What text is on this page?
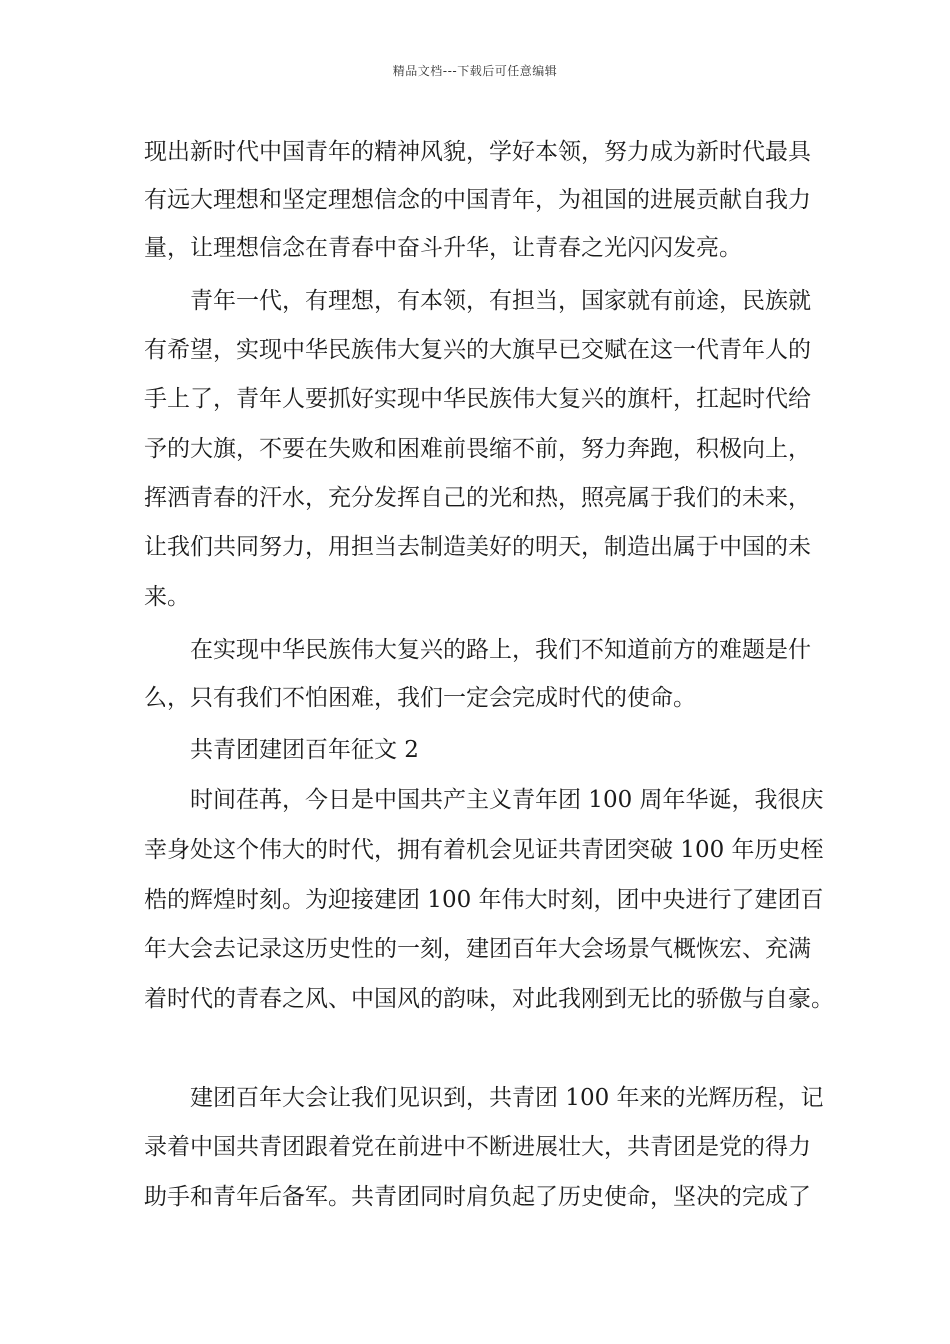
精品文档---下载后可任意编辑
现出新时代中国青年的精神风貌，学好本领，努力成为新时代最具
有远大理想和坚定理想信念的中国青年，为祖国的进展贡献自我力
量，让理想信念在青春中奋斗升华，让青春之光闪闪发亮。
青年一代，有理想，有本领，有担当，国家就有前途，民族就
有希望，实现中华民族伟大复兴的大旗早已交赋在这一代青年人的
手上了，青年人要抓好实现中华民族伟大复兴的旗杆，扛起时代给
予的大旗，不要在失败和困难前畏缩不前，努力奔跑，积极向上，
挥洒青春的汗水，充分发挥自己的光和热，照亮属于我们的未来，
让我们共同努力，用担当去制造美好的明天，制造出属于中国的未
来。
在实现中华民族伟大复兴的路上，我们不知道前方的难题是什
么，只有我们不怕困难，我们一定会完成时代的使命。
共青团建团百年征文 2
时间荏苒，今日是中国共产主义青年团 100 周年华诞，我很庆
幸身处这个伟大的时代，拥有着机会见证共青团突破 100 年历史桎
梏的辉煌时刻。为迎接建团 100 年伟大时刻，团中央进行了建团百
年大会去记录这历史性的一刻，建团百年大会场景气概恢宏、充满
着时代的青春之风、中国风的韵味，对此我刚到无比的骄傲与自豪。
建团百年大会让我们见识到，共青团 100 年来的光辉历程，记
录着中国共青团跟着党在前进中不断进展壮大，共青团是党的得力
助手和青年后备军。共青团同时肩负起了历史使命，坚决的完成了
